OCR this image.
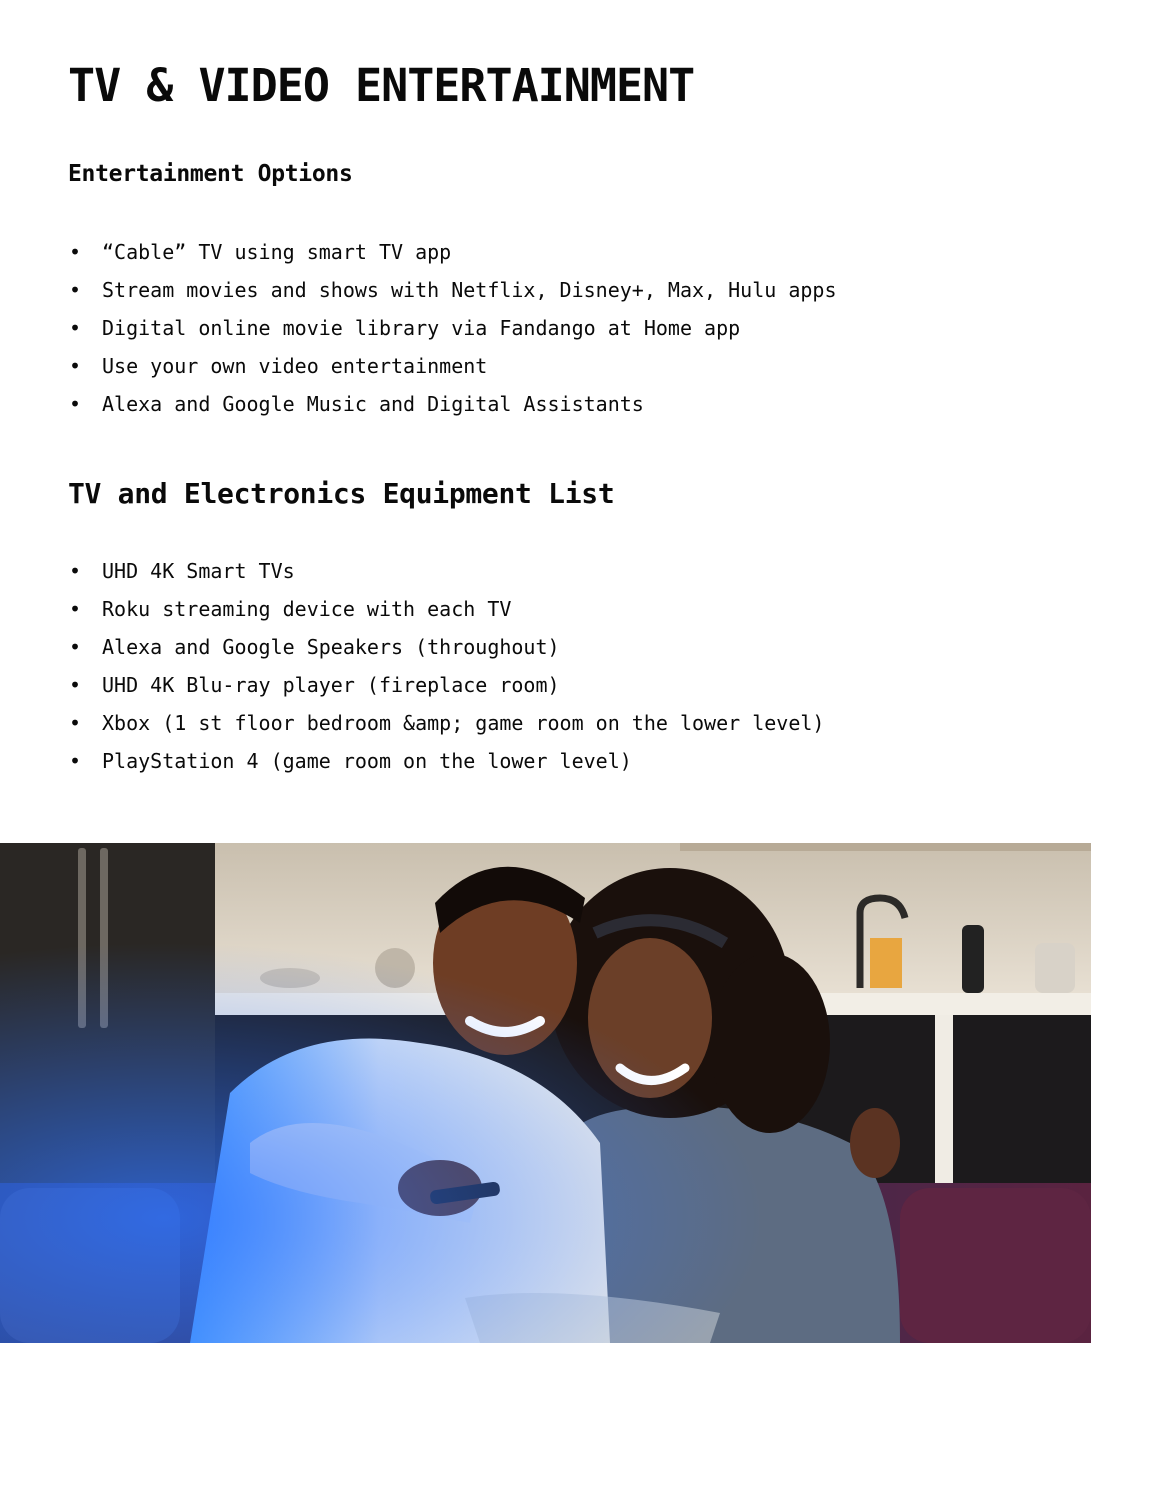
TV & VIDEO ENTERTAINMENT
Entertainment Options
• “Cable” TV using smart TV app
• Stream movies and shows with Netflix, Disney+, Max, Hulu apps
• Digital online movie library via Fandango at Home app
• Use your own video entertainment
• Alexa and Google Music and Digital Assistants
TV and Electronics Equipment List
• UHD 4K Smart TVs
• Roku streaming device with each TV
• Alexa and Google Speakers (throughout)
• UHD 4K Blu-ray player (fireplace room)
• Xbox (1 st floor bedroom &amp; game room on the lower level)
• PlayStation 4 (game room on the lower level)
